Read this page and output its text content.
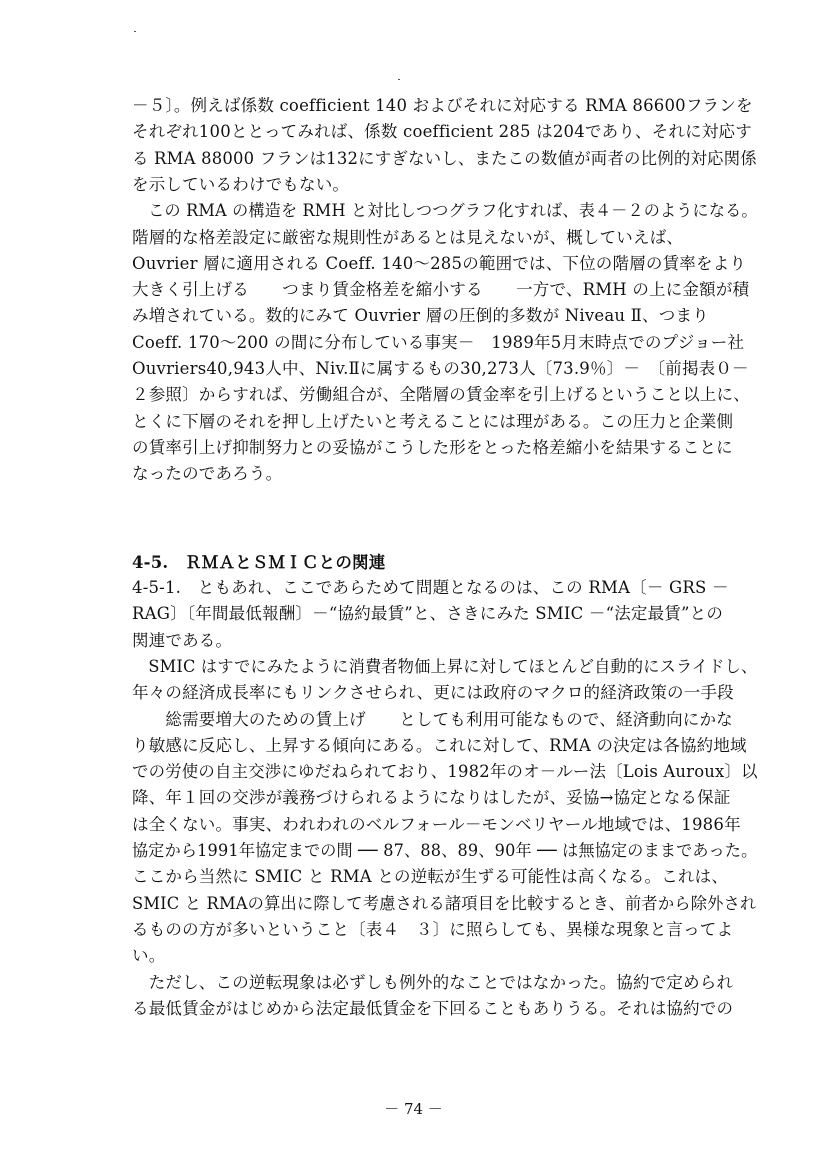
－５〕。例えば係数 coefficient 140 およびそれに対応する RMA 86600フランを
それぞれ100ととってみれば、係数 coefficient 285 は204であり、それに対応す
る RMA 88000 フランは132にすぎないし、またこの数値が両者の比例的対応関係
を示しているわけでもない。
　この RMA の構造を RMH と対比しつつグラフ化すれば、表４－２のようになる。
階層的な格差設定に厳密な規則性があるとは見えないが、概していえば、
Ouvrier 層に適用される Coeff. 140～285の範囲では、下位の階層の賃率をより
大きく引上げる　　つまり賃金格差を縮小する　　一方で、RMH の上に金額が積
み増されている。数的にみて Ouvrier 層の圧倒的多数が Niveau Ⅱ、つまり
Coeff. 170～200 の間に分布している事実－　1989年5月末時点でのプジョー社
Ouvriers40,943人中、Niv.Ⅱに属するもの30,273人〔73.9％〕－　〔前掲表０－
２参照〕からすれば、労働組合が、全階層の賃金率を引上げるということ以上に、
とくに下層のそれを押し上げたいと考えることには理がある。この圧力と企業側
の賃率引上げ抑制努力との妥協がこうした形をとった格差縮小を結果することに
なったのであろう。
4-5.　ＲＭＡとＳＭＩＣとの関連
4-5-1.　ともあれ、ここであらためて問題となるのは、この RMA〔－ GRS －
RAG〕〔年間最低報酬〕－“協約最賃”と、さきにみた SMIC －“法定最賃”との
関連である。
　SMIC はすでにみたように消費者物価上昇に対してほとんど自動的にスライドし、
年々の経済成長率にもリンクさせられ、更には政府のマクロ的経済政策の一手段
　　総需要増大のための賃上げ　　としても利用可能なもので、経済動向にかな
り敏感に反応し、上昇する傾向にある。これに対して、RMA の決定は各協約地域
での労使の自主交渉にゆだねられており、1982年のオ－ルー法〔Lois Auroux〕以
降、年１回の交渉が義務づけられるようになりはしたが、妥協→協定となる保証
は全くない。事実、われわれのベルフォール－モンベリヤール地域では、1986年
協定から1991年協定までの間 ── 87、88、89、90年 ── は無協定のままであった。
ここから当然に SMIC と RMA との逆転が生ずる可能性は高くなる。これは、
SMIC と RMAの算出に際して考慮される諸項目を比較するとき、前者から除外され
るものの方が多いということ〔表４　３〕に照らしても、異様な現象と言ってよ
い。
　ただし、この逆転現象は必ずしも例外的なことではなかった。協約で定められ
る最低賃金がはじめから法定最低賃金を下回ることもありうる。それは協約での
－ 74 －
